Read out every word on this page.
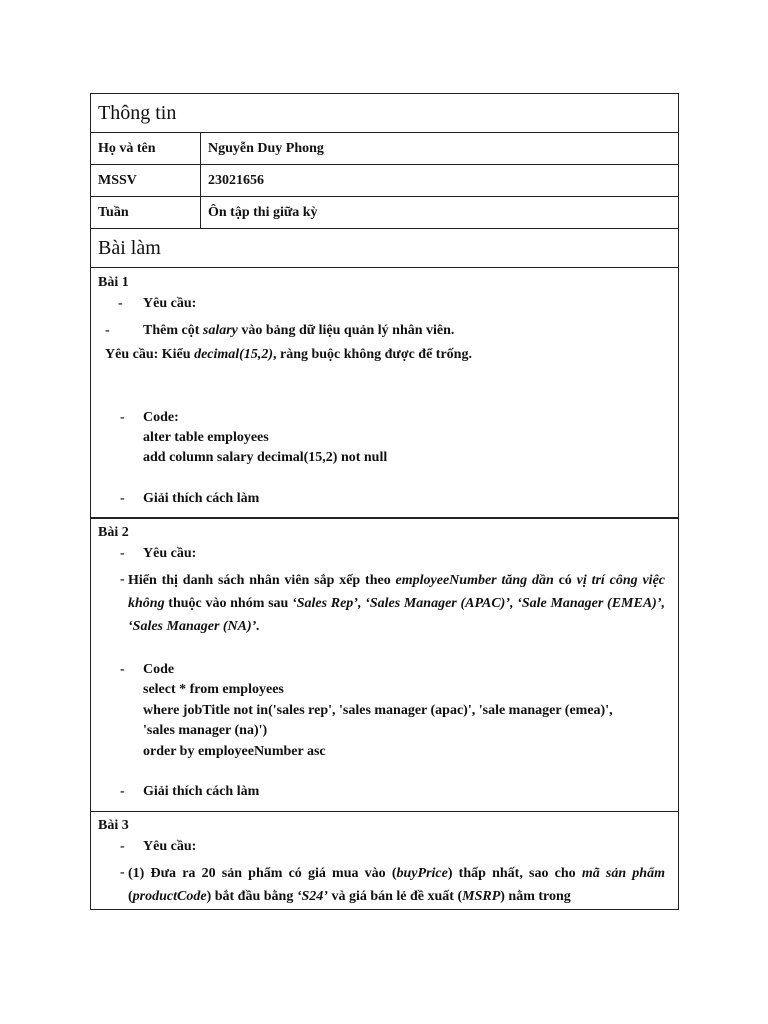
Thông tin
Họ và tên	Nguyễn Duy Phong
MSSV	23021656
Tuần	Ôn tập thi giữa kỳ
Bài làm
Bài 1
- Yêu cầu:
- Thêm cột salary vào bảng dữ liệu quản lý nhân viên.
Yêu cầu: Kiểu decimal(15,2), ràng buộc không được để trống.
- Code:
alter table employees
add column salary decimal(15,2) not null
- Giải thích cách làm
Bài 2
- Yêu cầu:
- Hiển thị danh sách nhân viên sắp xếp theo employeeNumber tăng dần có vị trí công việc không thuộc vào nhóm sau ‘Sales Rep’, ‘Sales Manager (APAC)’, ‘Sale Manager (EMEA)’, ‘Sales Manager (NA)’.
- Code
select * from employees
where jobTitle not in('sales rep', 'sales manager (apac)', 'sale manager (emea)',
'sales manager (na)')
order by employeeNumber asc
- Giải thích cách làm
Bài 3
- Yêu cầu:
- (1) Đưa ra 20 sản phẩm có giá mua vào (buyPrice) thấp nhất, sao cho mã sản phẩm (productCode) bắt đầu bằng ‘S24’ và giá bán lẻ đề xuất (MSRP) nằm trong
